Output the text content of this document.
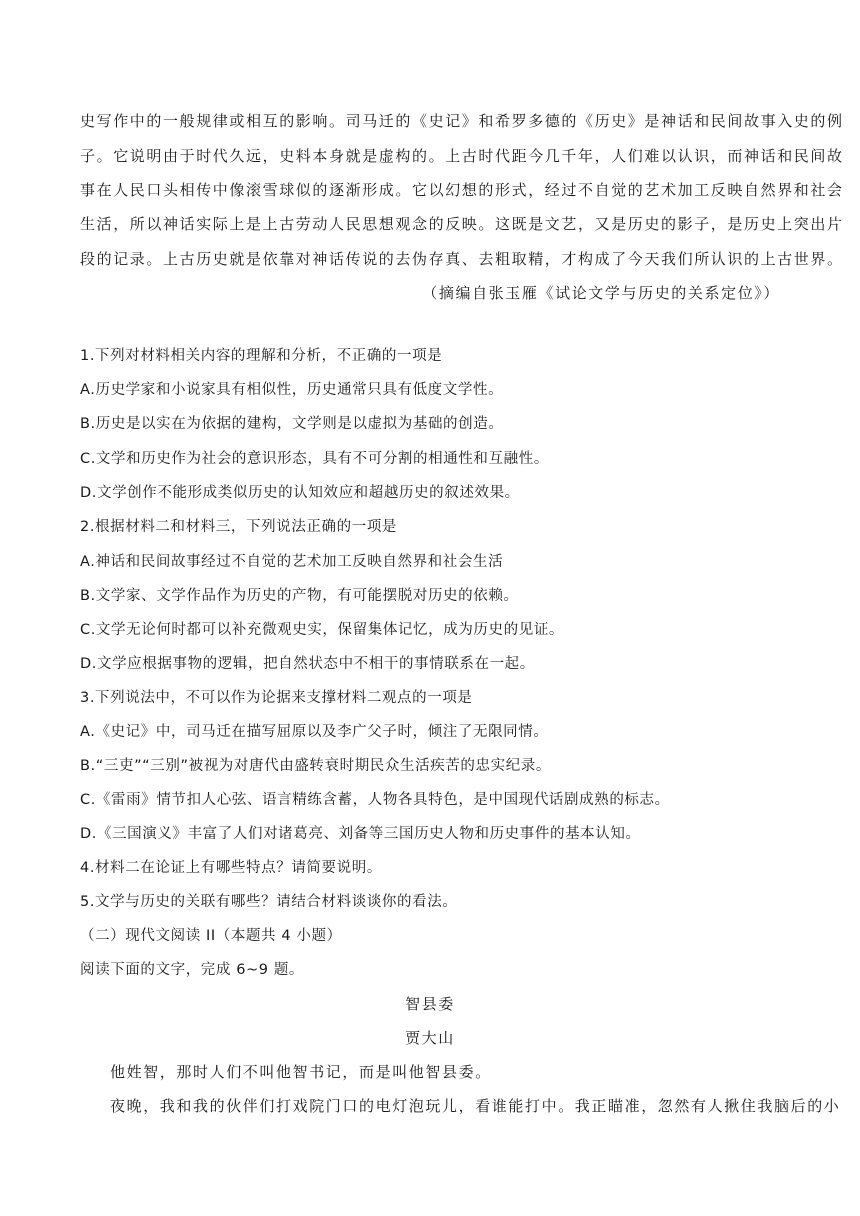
史写作中的一般规律或相互的影响。司马迁的《史记》和希罗多德的《历史》是神话和民间故事入史的例
子。它说明由于时代久远，史料本身就是虚构的。上古时代距今几千年，人们难以认识，而神话和民间故
事在人民口头相传中像滚雪球似的逐渐形成。它以幻想的形式，经过不自觉的艺术加工反映自然界和社会
生活，所以神话实际上是上古劳动人民思想观念的反映。这既是文艺，又是历史的影子，是历史上突出片
段的记录。上古历史就是依靠对神话传说的去伪存真、去粗取精，才构成了今天我们所认识的上古世界。
（摘编自张玉雁《试论文学与历史的关系定位》）
1.下列对材料相关内容的理解和分析，不正确的一项是
A.历史学家和小说家具有相似性，历史通常只具有低度文学性。
B.历史是以实在为依据的建构，文学则是以虚拟为基础的创造。
C.文学和历史作为社会的意识形态，具有不可分割的相通性和互融性。
D.文学创作不能形成类似历史的认知效应和超越历史的叙述效果。
2.根据材料二和材料三，下列说法正确的一项是
A.神话和民间故事经过不自觉的艺术加工反映自然界和社会生活
B.文学家、文学作品作为历史的产物，有可能摆脱对历史的依赖。
C.文学无论何时都可以补充微观史实，保留集体记忆，成为历史的见证。
D.文学应根据事物的逻辑，把自然状态中不相干的事情联系在一起。
3.下列说法中，不可以作为论据来支撑材料二观点的一项是
A.《史记》中，司马迁在描写屈原以及李广父子时，倾注了无限同情。
B.“三吏”“三别”被视为对唐代由盛转衰时期民众生活疾苦的忠实纪录。
C.《雷雨》情节扣人心弦、语言精练含蓄，人物各具特色，是中国现代话剧成熟的标志。
D.《三国演义》丰富了人们对诸葛亮、刘备等三国历史人物和历史事件的基本认知。
4.材料二在论证上有哪些特点？请简要说明。
5.文学与历史的关联有哪些？请结合材料谈谈你的看法。
（二）现代文阅读 II（本题共 4 小题）
阅读下面的文字，完成 6~9 题。
智县委
贾大山
他姓智，那时人们不叫他智书记，而是叫他智县委。
夜晚，我和我的伙伴们打戏院门口的电灯泡玩儿，看谁能打中。我正瞄准，忽然有人揪住我脑后的小
